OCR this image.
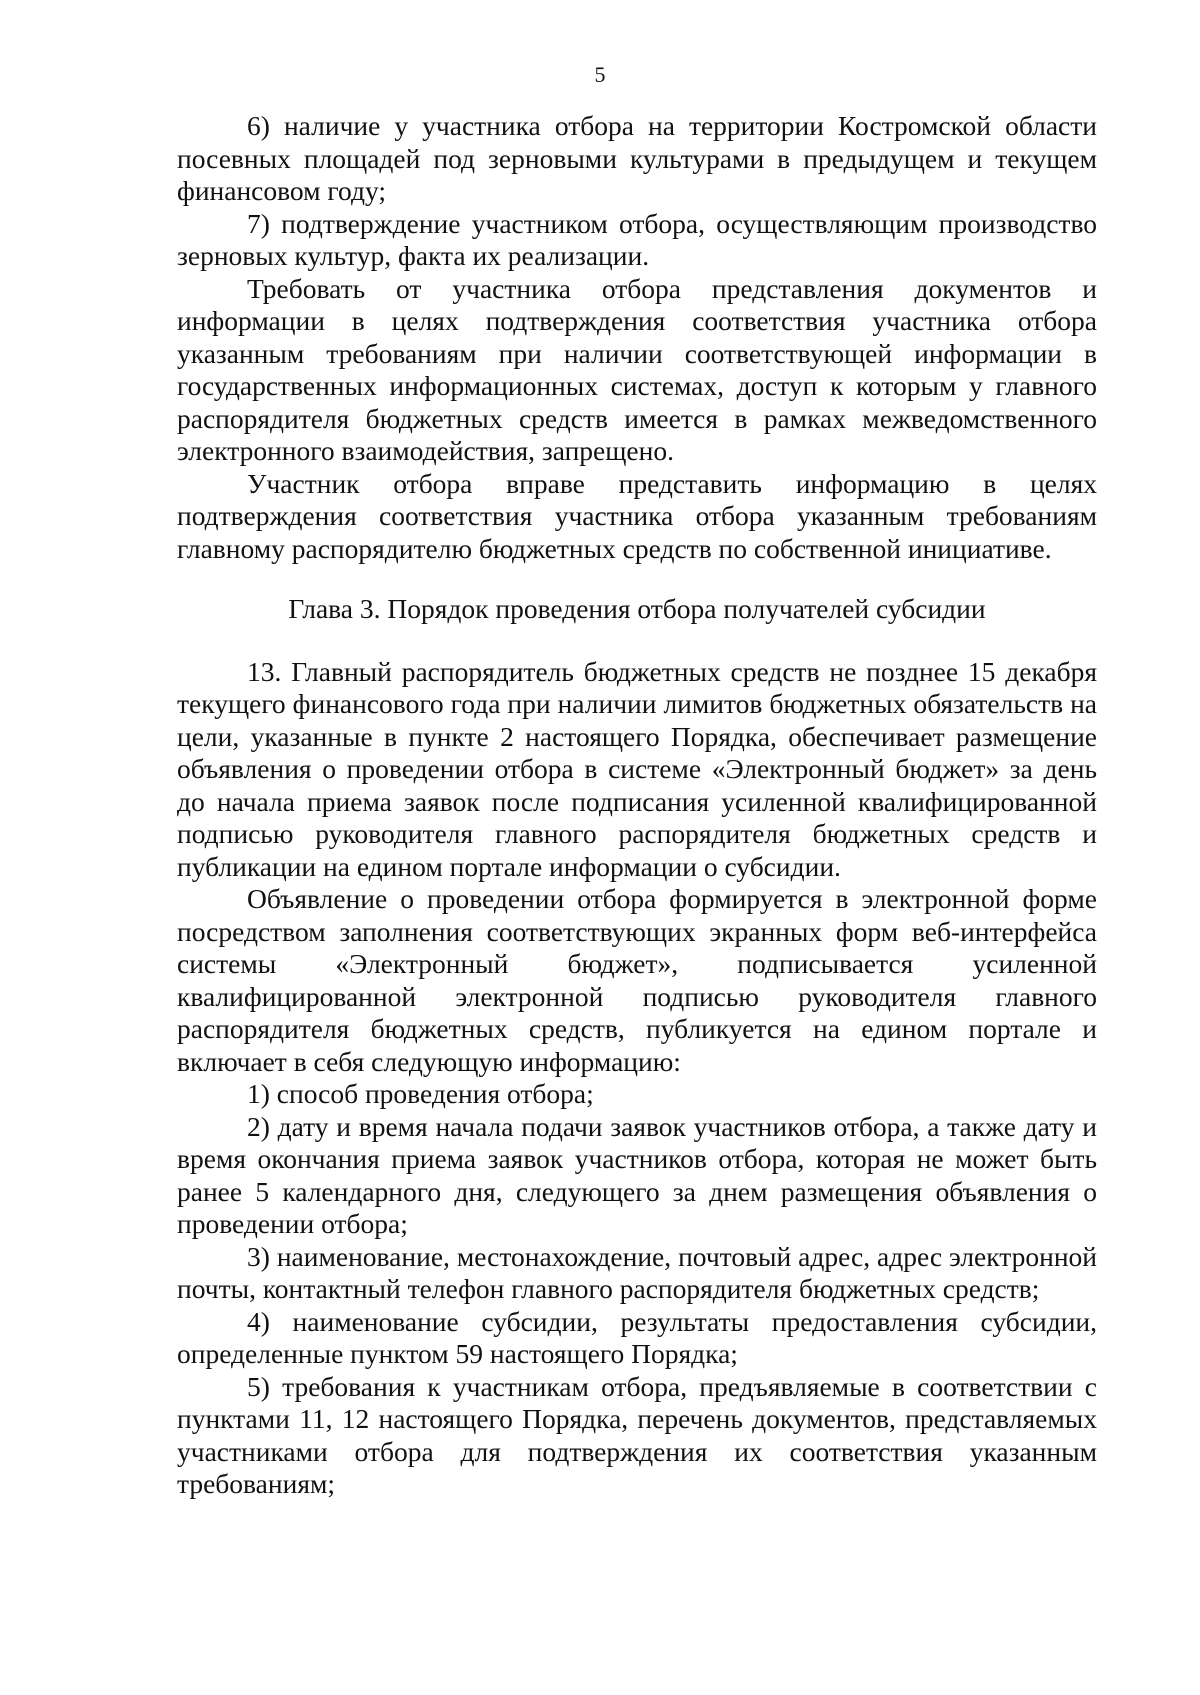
5

6) наличие у участника отбора на территории Костромской области посевных площадей под зерновыми культурами в предыдущем и текущем финансовом году;

7) подтверждение участником отбора, осуществляющим производство зерновых культур, факта их реализации.

Требовать от участника отбора представления документов и информации в целях подтверждения соответствия участника отбора указанным требованиям при наличии соответствующей информации в государственных информационных системах, доступ к которым у главного распорядителя бюджетных средств имеется в рамках межведомственного электронного взаимодействия, запрещено.

Участник отбора вправе представить информацию в целях подтверждения соответствия участника отбора указанным требованиям главному распорядителю бюджетных средств по собственной инициативе.

Глава 3. Порядок проведения отбора получателей субсидии

13. Главный распорядитель бюджетных средств не позднее 15 декабря текущего финансового года при наличии лимитов бюджетных обязательств на цели, указанные в пункте 2 настоящего Порядка, обеспечивает размещение объявления о проведении отбора в системе «Электронный бюджет» за день до начала приема заявок после подписания усиленной квалифицированной подписью руководителя главного распорядителя бюджетных средств и публикации на едином портале информации о субсидии.

Объявление о проведении отбора формируется в электронной форме посредством заполнения соответствующих экранных форм веб-интерфейса системы «Электронный бюджет», подписывается усиленной квалифицированной электронной подписью руководителя главного распорядителя бюджетных средств, публикуется на едином портале и включает в себя следующую информацию:

1) способ проведения отбора;

2) дату и время начала подачи заявок участников отбора, а также дату и время окончания приема заявок участников отбора, которая не может быть ранее 5 календарного дня, следующего за днем размещения объявления о проведении отбора;

3) наименование, местонахождение, почтовый адрес, адрес электронной почты, контактный телефон главного распорядителя бюджетных средств;

4) наименование субсидии, результаты предоставления субсидии, определенные пунктом 59 настоящего Порядка;

5) требования к участникам отбора, предъявляемые в соответствии с пунктами 11, 12 настоящего Порядка, перечень документов, представляемых участниками отбора для подтверждения их соответствия указанным требованиям;
